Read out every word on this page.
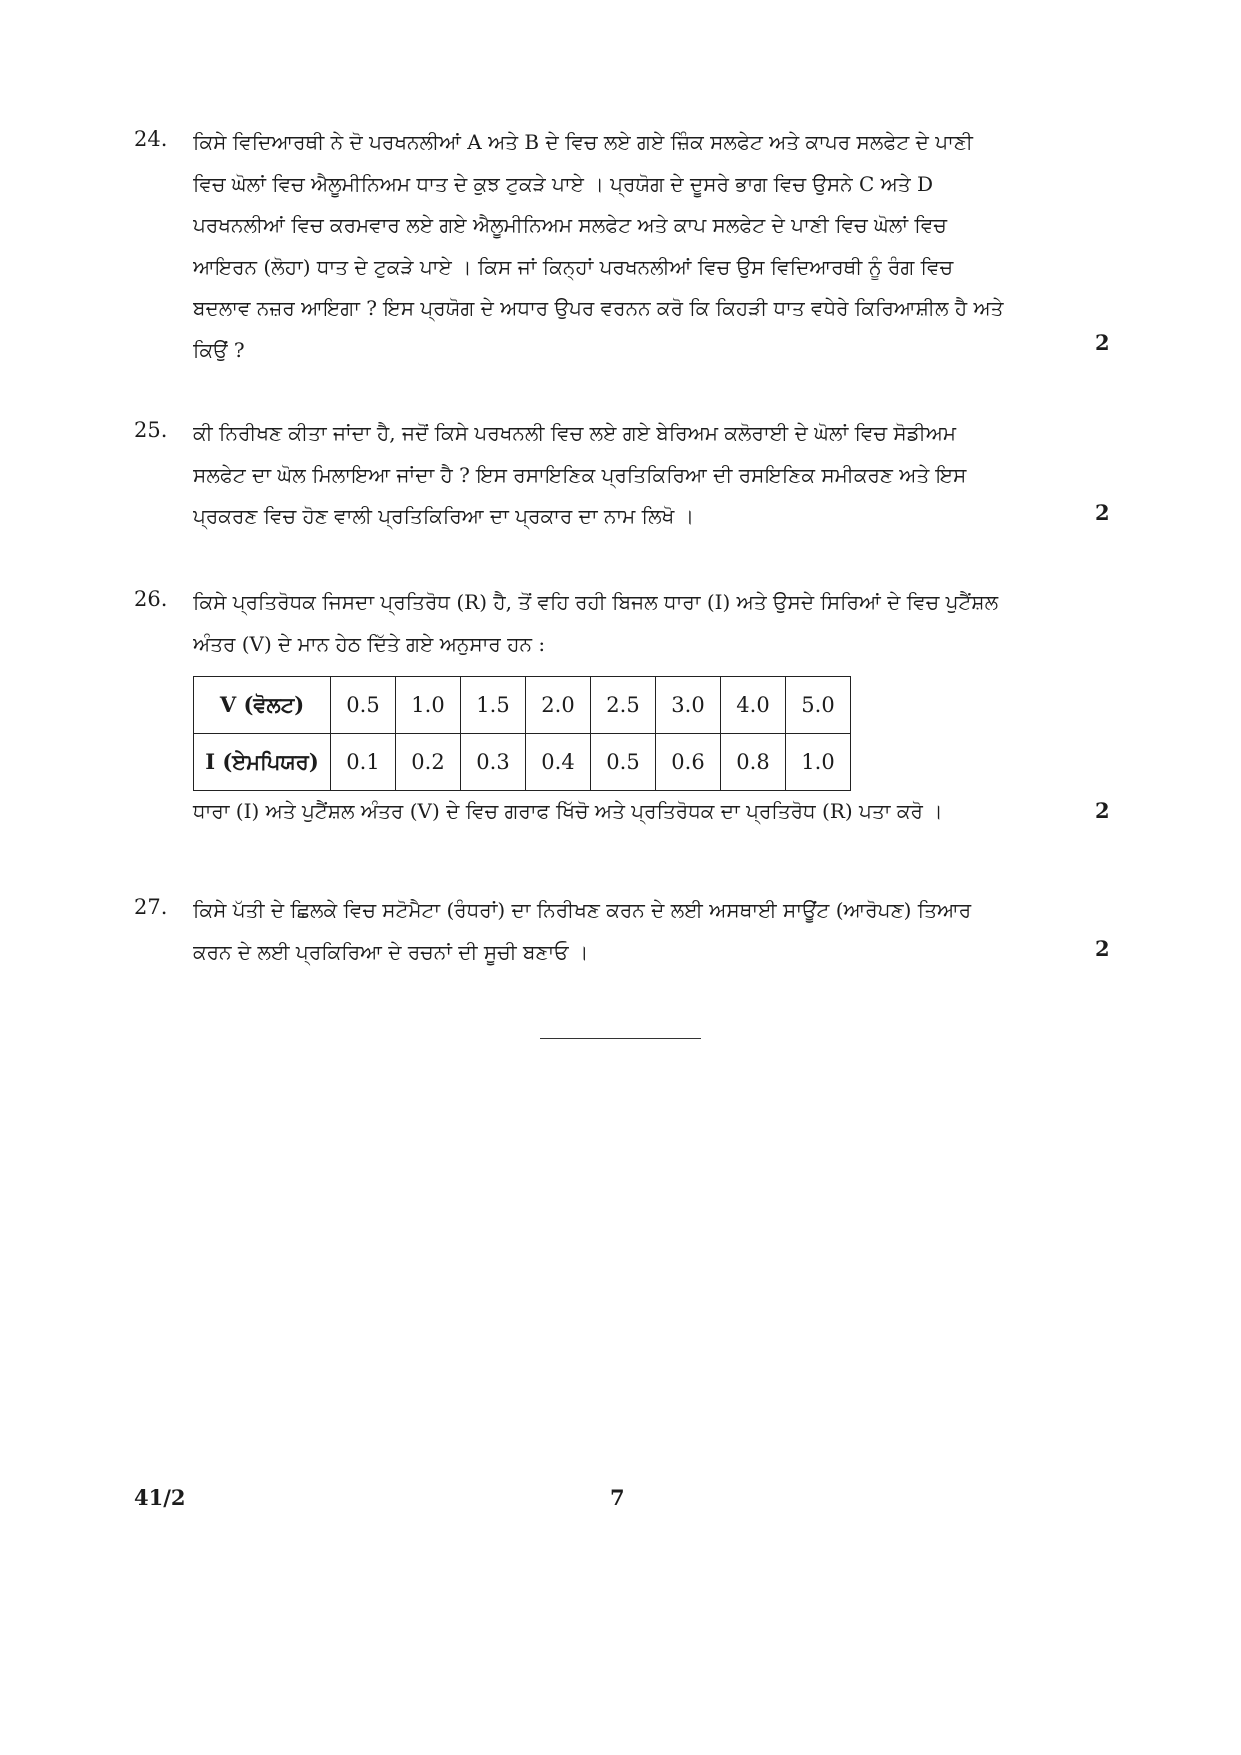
24. ਕਿਸੇ ਵਿਦਿਆਰਥੀ ਨੇ ਦੋ ਪਰਖਨਲੀਆਂ A ਅਤੇ B ਦੇ ਵਿਚ ਲਏ ਗਏ ਜ਼ਿੰਕ ਸਲਫੇਟ ਅਤੇ ਕਾਪਰ ਸਲਫੇਟ ਦੇ ਪਾਣੀ
ਵਿਚ ਘੋਲਾਂ ਵਿਚ ਐਲੂਮੀਨਿਅਮ ਧਾਤ ਦੇ ਕੁਝ ਟੁਕੜੇ ਪਾਏ । ਪ੍ਰਯੋਗ ਦੇ ਦੂਸਰੇ ਭਾਗ ਵਿਚ ਉਸਨੇ C ਅਤੇ D
ਪਰਖਨਲੀਆਂ ਵਿਚ ਕਰਮਵਾਰ ਲਏ ਗਏ ਐਲੂਮੀਨਿਅਮ ਸਲਫੇਟ ਅਤੇ ਕਾਪ ਸਲਫੇਟ ਦੇ ਪਾਣੀ ਵਿਚ ਘੋਲਾਂ ਵਿਚ
ਆਇਰਨ (ਲੋਹਾ) ਧਾਤ ਦੇ ਟੁਕੜੇ ਪਾਏ । ਕਿਸ ਜਾਂ ਕਿਨ੍ਹਾਂ ਪਰਖਨਲੀਆਂ ਵਿਚ ਉਸ ਵਿਦਿਆਰਥੀ ਨੂੰ ਰੰਗ ਵਿਚ
ਬਦਲਾਵ ਨਜ਼ਰ ਆਇਗਾ ? ਇਸ ਪ੍ਰਯੋਗ ਦੇ ਅਧਾਰ ਉਪਰ ਵਰਨਨ ਕਰੋ ਕਿ ਕਿਹੜੀ ਧਾਤ ਵਧੇਰੇ ਕਿਰਿਆਸ਼ੀਲ ਹੈ ਅਤੇ
ਕਿਉਂ ?	2
25. ਕੀ ਨਿਰੀਖਣ ਕੀਤਾ ਜਾਂਦਾ ਹੈ, ਜਦੋਂ ਕਿਸੇ ਪਰਖਨਲੀ ਵਿਚ ਲਏ ਗਏ ਬੇਰਿਅਮ ਕਲੋਰਾਈ ਦੇ ਘੋਲਾਂ ਵਿਚ ਸੋਡੀਅਮ
ਸਲਫੇਟ ਦਾ ਘੋਲ ਮਿਲਾਇਆ ਜਾਂਦਾ ਹੈ ? ਇਸ ਰਸਾਇਣਿਕ ਪ੍ਰਤਿਕਿਰਿਆ ਦੀ ਰਸਇਣਿਕ ਸਮੀਕਰਣ ਅਤੇ ਇਸ
ਪ੍ਰਕਰਣ ਵਿਚ ਹੋਣ ਵਾਲੀ ਪ੍ਰਤਿਕਿਰਿਆ ਦਾ ਪ੍ਰਕਾਰ ਦਾ ਨਾਮ ਲਿਖੋ ।	2
26. ਕਿਸੇ ਪ੍ਰਤਿਰੋਧਕ ਜਿਸਦਾ ਪ੍ਰਤਿਰੋਧ (R) ਹੈ, ਤੋਂ ਵਹਿ ਰਹੀ ਬਿਜਲ ਧਾਰਾ (I) ਅਤੇ ਉਸਦੇ ਸਿਰਿਆਂ ਦੇ ਵਿਚ ਪੁਟੈਂਸ਼ਲ
ਅੰਤਰ (V) ਦੇ ਮਾਨ ਹੇਠ ਦਿੱਤੇ ਗਏ ਅਨੁਸਾਰ ਹਨ :
V (ਵੋਲਟ)	0.5	1.0	1.5	2.0	2.5	3.0	4.0	5.0
I (ਏਮਪਿਯਰ)	0.1	0.2	0.3	0.4	0.5	0.6	0.8	1.0
ਧਾਰਾ (I) ਅਤੇ ਪੁਟੈਂਸ਼ਲ ਅੰਤਰ (V) ਦੇ ਵਿਚ ਗਰਾਫ ਖਿੱਚੋ ਅਤੇ ਪ੍ਰਤਿਰੋਧਕ ਦਾ ਪ੍ਰਤਿਰੋਧ (R) ਪਤਾ ਕਰੋ ।	2
27. ਕਿਸੇ ਪੱਤੀ ਦੇ ਛਿਲਕੇ ਵਿਚ ਸਟੋਮੈਟਾ (ਰੰਧਰਾਂ) ਦਾ ਨਿਰੀਖਣ ਕਰਨ ਦੇ ਲਈ ਅਸਥਾਈ ਸਾਊਂਟ (ਆਰੋਪਣ) ਤਿਆਰ
ਕਰਨ ਦੇ ਲਈ ਪ੍ਰਕਿਰਿਆ ਦੇ ਰਚਨਾਂ ਦੀ ਸੂਚੀ ਬਣਾਓ ।	2
41/2	7
